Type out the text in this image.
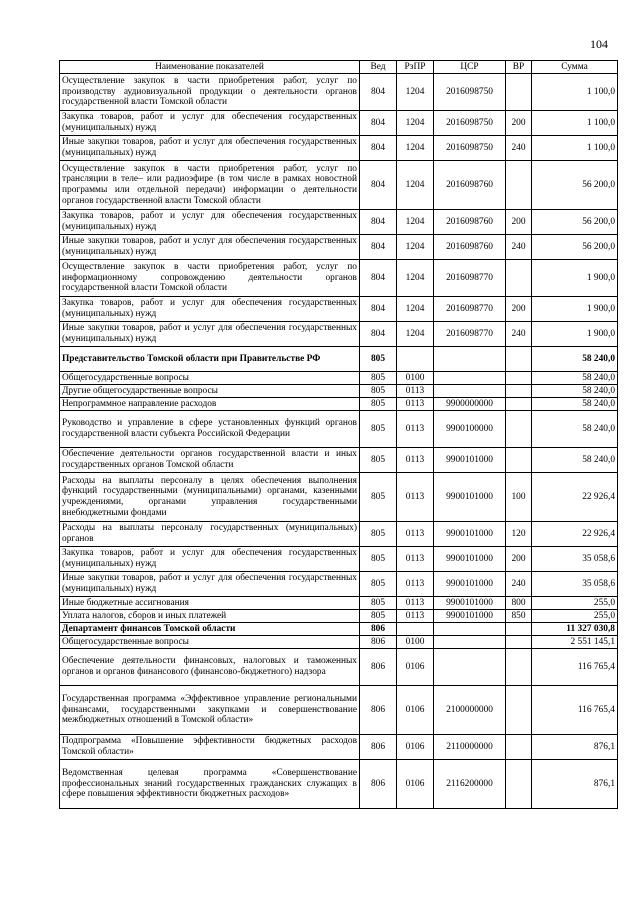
104
Наименование показателей	Вед	РзПР	ЦСР	ВР	Сумма
Осуществление закупок в части приобретения работ, услуг по производству аудиовизуальной продукции о деятельности органов государственной власти Томской области	804	1204	2016098750		1 100,0
Закупка товаров, работ и услуг для обеспечения государственных (муниципальных) нужд	804	1204	2016098750	200	1 100,0
Иные закупки товаров, работ и услуг для обеспечения государственных (муниципальных) нужд	804	1204	2016098750	240	1 100,0
Осуществление закупок в части приобретения работ, услуг по трансляции в теле– или радиоэфире (в том числе в рамках новостной программы или отдельной передачи) информации о деятельности органов государственной власти Томской области	804	1204	2016098760		56 200,0
Закупка товаров, работ и услуг для обеспечения государственных (муниципальных) нужд	804	1204	2016098760	200	56 200,0
Иные закупки товаров, работ и услуг для обеспечения государственных (муниципальных) нужд	804	1204	2016098760	240	56 200,0
Осуществление закупок в части приобретения работ, услуг по информационному сопровождению деятельности органов государственной власти Томской области	804	1204	2016098770		1 900,0
Закупка товаров, работ и услуг для обеспечения государственных (муниципальных) нужд	804	1204	2016098770	200	1 900,0
Иные закупки товаров, работ и услуг для обеспечения государственных (муниципальных) нужд	804	1204	2016098770	240	1 900,0
Представительство Томской области при Правительстве РФ	805				58 240,0
Общегосударственные вопросы	805	0100			58 240,0
Другие общегосударственные вопросы	805	0113			58 240,0
Непрограммное направление расходов	805	0113	9900000000		58 240,0
Руководство и управление в сфере установленных функций органов государственной власти субъекта Российской Федерации	805	0113	9900100000		58 240,0
Обеспечение деятельности органов государственной власти и иных государственных органов Томской области	805	0113	9900101000		58 240,0
Расходы на выплаты персоналу в целях обеспечения выполнения функций государственными (муниципальными) органами, казенными учреждениями, органами управления государственными внебюджетными фондами	805	0113	9900101000	100	22 926,4
Расходы на выплаты персоналу государственных (муниципальных) органов	805	0113	9900101000	120	22 926,4
Закупка товаров, работ и услуг для обеспечения государственных (муниципальных) нужд	805	0113	9900101000	200	35 058,6
Иные закупки товаров, работ и услуг для обеспечения государственных (муниципальных) нужд	805	0113	9900101000	240	35 058,6
Иные бюджетные ассигнования	805	0113	9900101000	800	255,0
Уплата налогов, сборов и иных платежей	805	0113	9900101000	850	255,0
Департамент финансов Томской области	806				11 327 030,8
Общегосударственные вопросы	806	0100			2 551 145,1
Обеспечение деятельности финансовых, налоговых и таможенных органов и органов финансового (финансово-бюджетного) надзора	806	0106			116 765,4
Государственная программа «Эффективное управление региональными финансами, государственными закупками и совершенствование межбюджетных отношений в Томской области»	806	0106	2100000000		116 765,4
Подпрограмма «Повышение эффективности бюджетных расходов Томской области»	806	0106	2110000000		876,1
Ведомственная целевая программа «Совершенствование профессиональных знаний государственных гражданских служащих в сфере повышения эффективности бюджетных расходов»	806	0106	2116200000		876,1
